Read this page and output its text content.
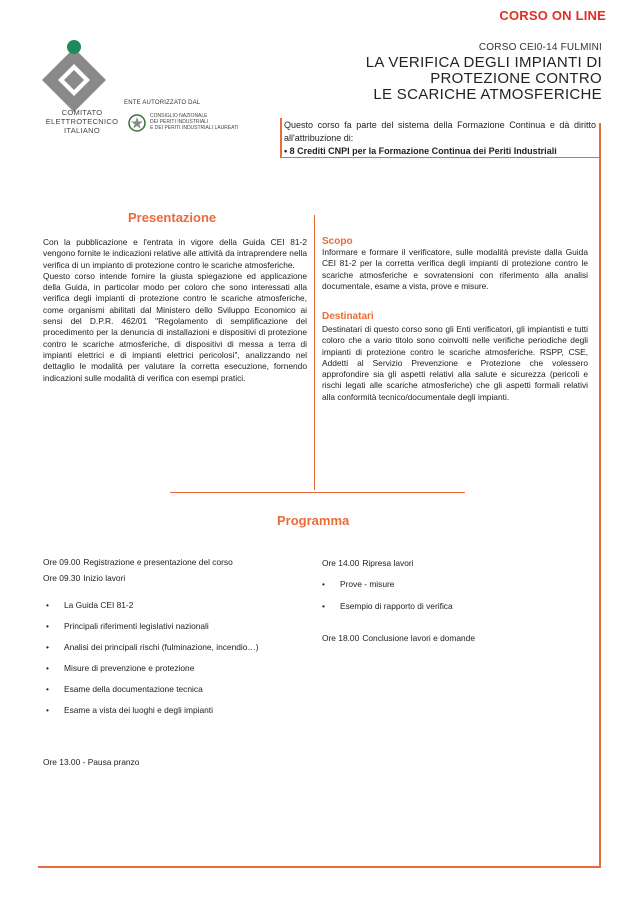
CORSO ON LINE
CORSO CEI0-14 FULMINI
LA VERIFICA DEGLI IMPIANTI DI
PROTEZIONE CONTRO
LE SCARICHE ATMOSFERICHE
COMITATO
ELETTROTECNICO
ITALIANO
ENTE AUTORIZZATO DAL
CONSIGLIO NAZIONALE
DEI PERITI INDUSTRIALI
E DEI PERITI INDUSTRIALI LAUREATI	Questo corso fa parte del sistema della Formazione Continua e dà diritto all'attribuzione di:
• 8 Crediti CNPI per la Formazione Continua dei Periti Industriali
Presentazione
Con la pubblicazione e l'entrata in vigore della Guida CEI 81-2 vengono fornite le indicazioni relative alle attività da intraprendere nella verifica di un impianto di protezione contro le scariche atmosferiche.
Questo corso intende fornire la giusta spiegazione ed applicazione della Guida, in particolar modo per coloro che sono interessati alla verifica degli impianti di protezione contro le scariche atmosferiche, come organismi abilitati dal Ministero dello Sviluppo Economico ai sensi del D.P.R. 462/01 "Regolamento di semplificazione del procedimento per la denuncia di installazioni e dispositivi di protezione contro le scariche atmosferiche, di dispositivi di messa a terra di impianti elettrici e di impianti elettrici pericolosi", analizzando nel dettaglio le modalità per valutare la corretta esecuzione, fornendo indicazioni sulle modalità di verifica con esempi pratici.
Scopo
Informare e formare il verificatore, sulle modalità previste dalla Guida CEI 81-2 per la corretta verifica degli impianti di protezione contro le scariche atmosferiche e sovratensioni con riferimento alla analisi documentale, esame a vista, prove e misure.
Destinatari
Destinatari di questo corso sono gli Enti verificatori, gli impiantisti e tutti coloro che a vario titolo sono coinvolti nelle verifiche periodiche degli impianti di protezione contro le scariche atmosferiche. RSPP, CSE, Addetti al Servizio Prevenzione e Protezione che volessero approfondire sia gli aspetti relativi alla salute e sicurezza (pericoli e rischi legati alle scariche atmosferiche) che gli aspetti formali relativi alla conformità tecnico/documentale degli impianti.
Programma
Ore 09.00 Registrazione e presentazione del corso
Ore 09.30 Inizio lavori
• La Guida CEI 81-2
• Principali riferimenti legislativi nazionali
• Analisi dei principali rischi (fulminazione, incendio…)
• Misure di prevenzione e protezione
• Esame della documentazione tecnica
• Esame a vista dei luoghi e degli impianti
Ore 13.00 - Pausa pranzo
Ore 14.00 Ripresa lavori
• Prove - misure
• Esempio di rapporto di verifica
Ore 18.00 Conclusione lavori e domande
